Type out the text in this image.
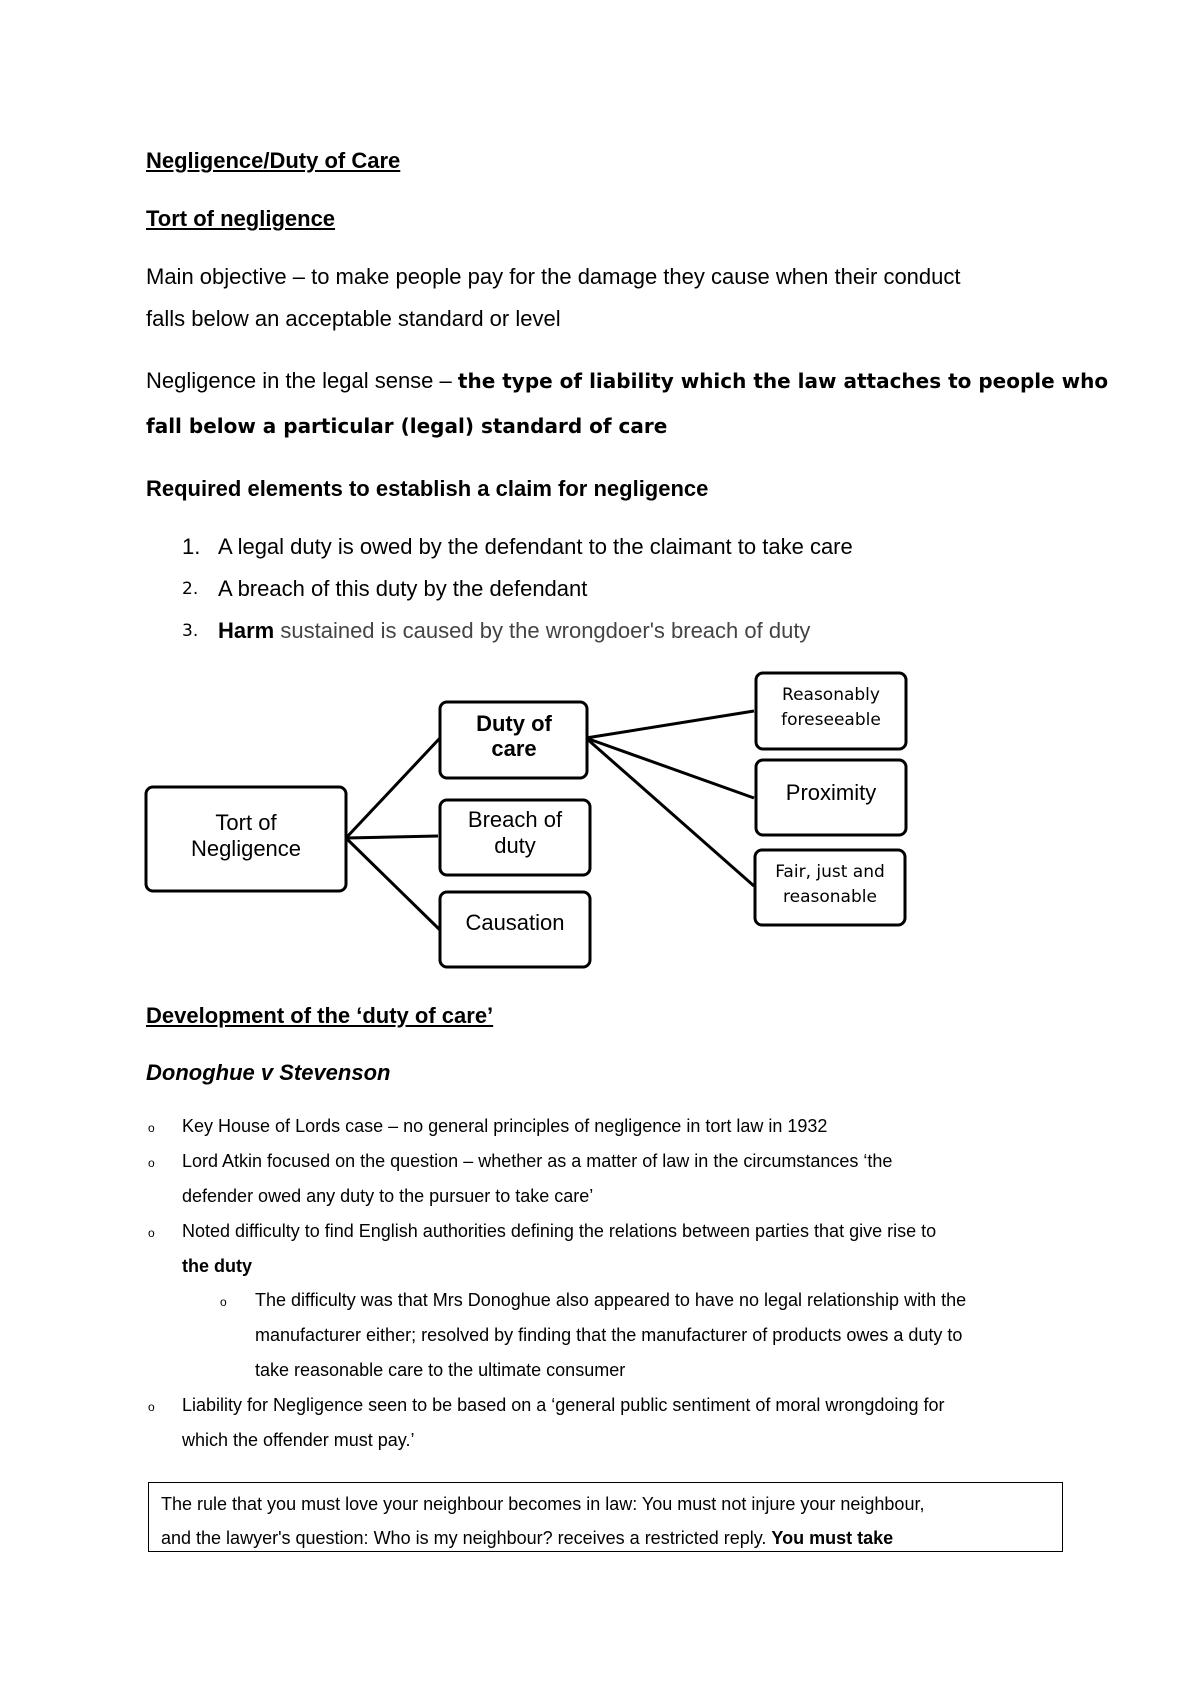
Negligence/Duty of Care
Tort of negligence
Main objective – to make people pay for the damage they cause when their conduct
falls below an acceptable standard or level
Negligence in the legal sense – the type of liability which the law attaches to people who
fall below a particular (legal) standard of care
Required elements to establish a claim for negligence
1. A legal duty is owed by the defendant to the claimant to take care
2. A breach of this duty by the defendant
3. Harm sustained is caused by the wrongdoer's breach of duty
Tort of
Negligence
Duty of
care
Breach of
duty
Causation
Reasonably
foreseeable
Proximity
Fair, just and
reasonable
Development of the ‘duty of care’
Donoghue v Stevenson
o Key House of Lords case – no general principles of negligence in tort law in 1932
o Lord Atkin focused on the question – whether as a matter of law in the circumstances ‘the
defender owed any duty to the pursuer to take care’
o Noted difficulty to find English authorities defining the relations between parties that give rise to
the duty
o The difficulty was that Mrs Donoghue also appeared to have no legal relationship with the
manufacturer either; resolved by finding that the manufacturer of products owes a duty to
take reasonable care to the ultimate consumer
o Liability for Negligence seen to be based on a ‘general public sentiment of moral wrongdoing for
which the offender must pay.’
The rule that you must love your neighbour becomes in law: You must not injure your neighbour,
and the lawyer's question: Who is my neighbour? receives a restricted reply. You must take
